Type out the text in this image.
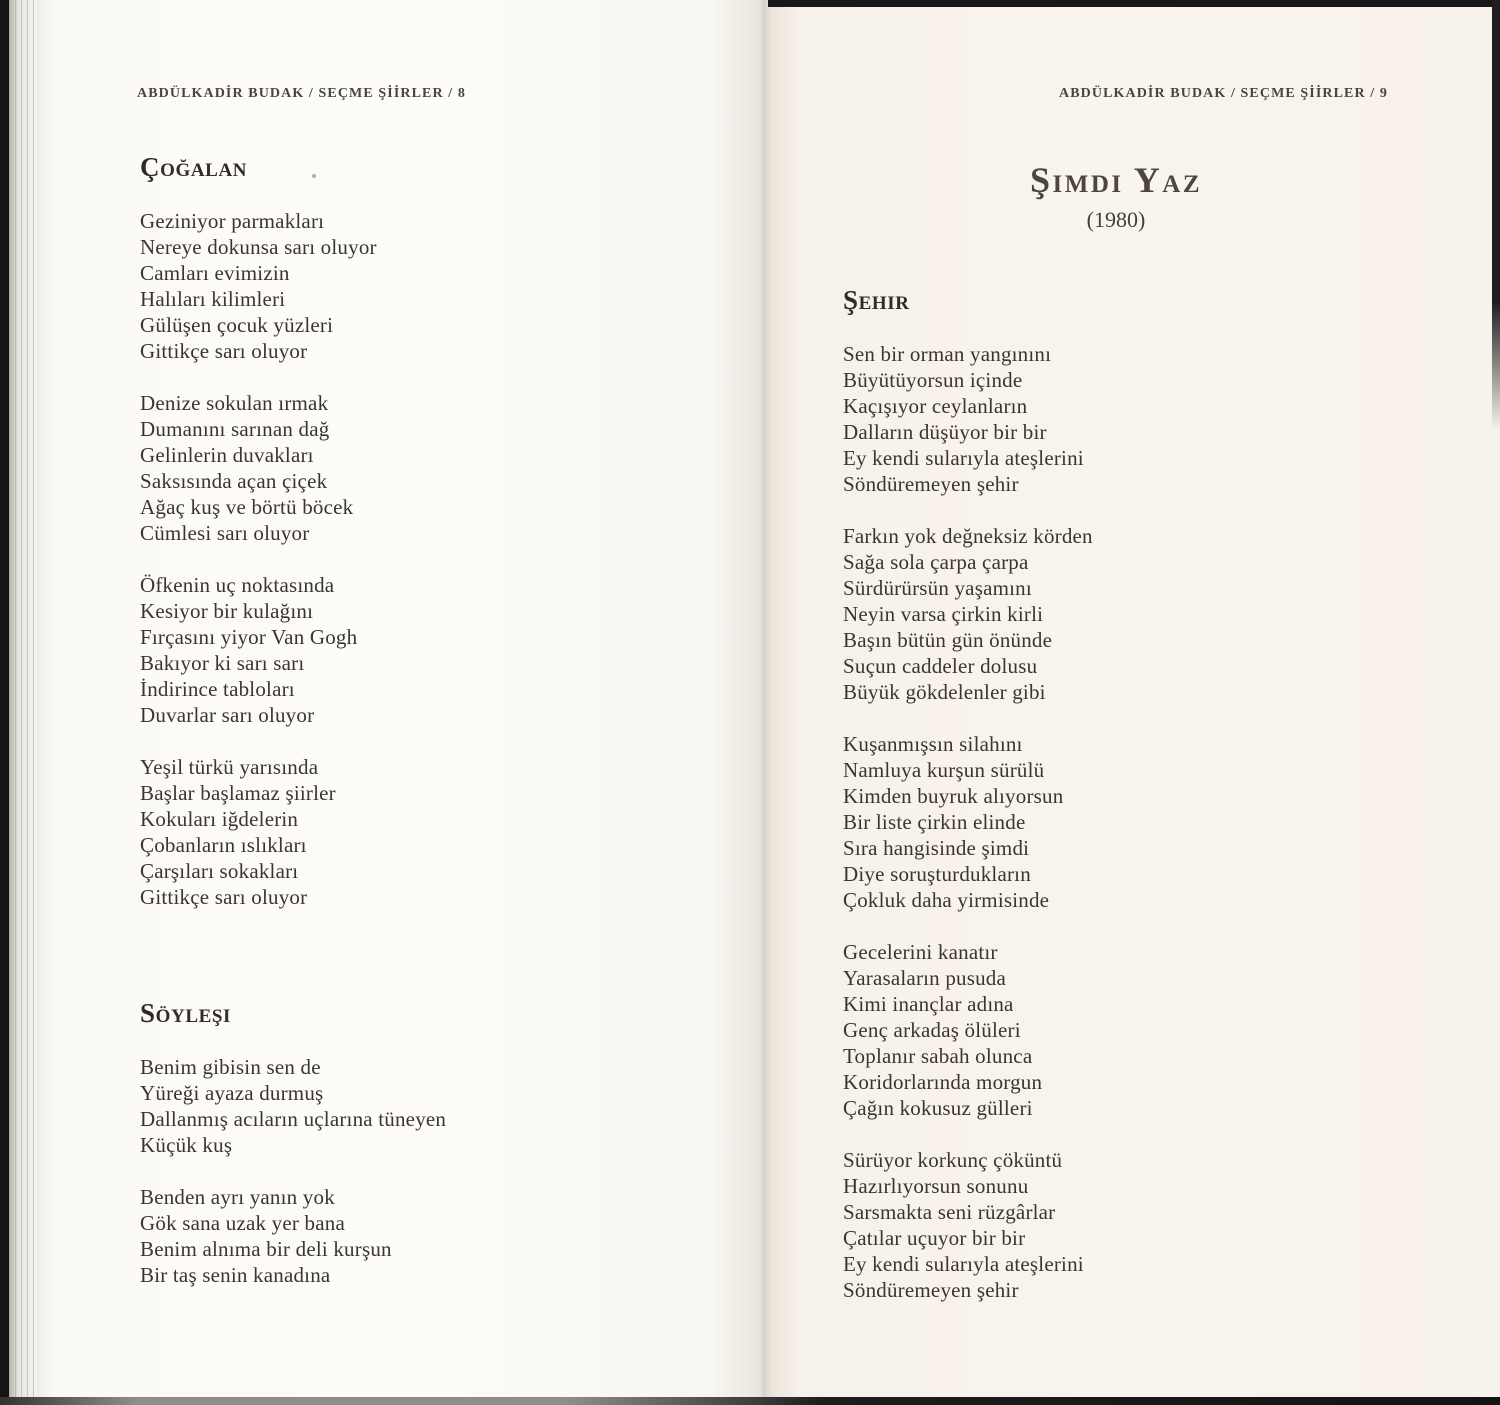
ABDÜLKADİR BUDAK / SEÇME ŞİİRLER / 8
Çoğalan
Geziniyor parmakları
Nereye dokunsa sarı oluyor
Camları evimizin
Halıları kilimleri
Gülüşen çocuk yüzleri
Gittikçe sarı oluyor
Denize sokulan ırmak
Dumanını sarınan dağ
Gelinlerin duvakları
Saksısında açan çiçek
Ağaç kuş ve börtü böcek
Cümlesi sarı oluyor
Öfkenin uç noktasında
Kesiyor bir kulağını
Fırçasını yiyor Van Gogh
Bakıyor ki sarı sarı
İndirince tabloları
Duvarlar sarı oluyor
Yeşil türkü yarısında
Başlar başlamaz şiirler
Kokuları iğdelerin
Çobanların ıslıkları
Çarşıları sokakları
Gittikçe sarı oluyor
Söyleşi
Benim gibisin sen de
Yüreği ayaza durmuş
Dallanmış acıların uçlarına tüneyen
Küçük kuş
Benden ayrı yanın yok
Gök sana uzak yer bana
Benim alnıma bir deli kurşun
Bir taş senin kanadına
ABDÜLKADİR BUDAK / SEÇME ŞİİRLER / 9
Şimdi Yaz
(1980)
Şehir
Sen bir orman yangınını
Büyütüyorsun içinde
Kaçışıyor ceylanların
Dalların düşüyor bir bir
Ey kendi sularıyla ateşlerini
Söndüremeyen şehir
Farkın yok değneksiz körden
Sağa sola çarpa çarpa
Sürdürürsün yaşamını
Neyin varsa çirkin kirli
Başın bütün gün önünde
Suçun caddeler dolusu
Büyük gökdelenler gibi
Kuşanmışsın silahını
Namluya kurşun sürülü
Kimden buyruk alıyorsun
Bir liste çirkin elinde
Sıra hangisinde şimdi
Diye soruşturdukların
Çokluk daha yirmisinde
Gecelerini kanatır
Yarasaların pusuda
Kimi inançlar adına
Genç arkadaş ölüleri
Toplanır sabah olunca
Koridorlarında morgun
Çağın kokusuz gülleri
Sürüyor korkunç çöküntü
Hazırlıyorsun sonunu
Sarsmakta seni rüzgârlar
Çatılar uçuyor bir bir
Ey kendi sularıyla ateşlerini
Söndüremeyen şehir
